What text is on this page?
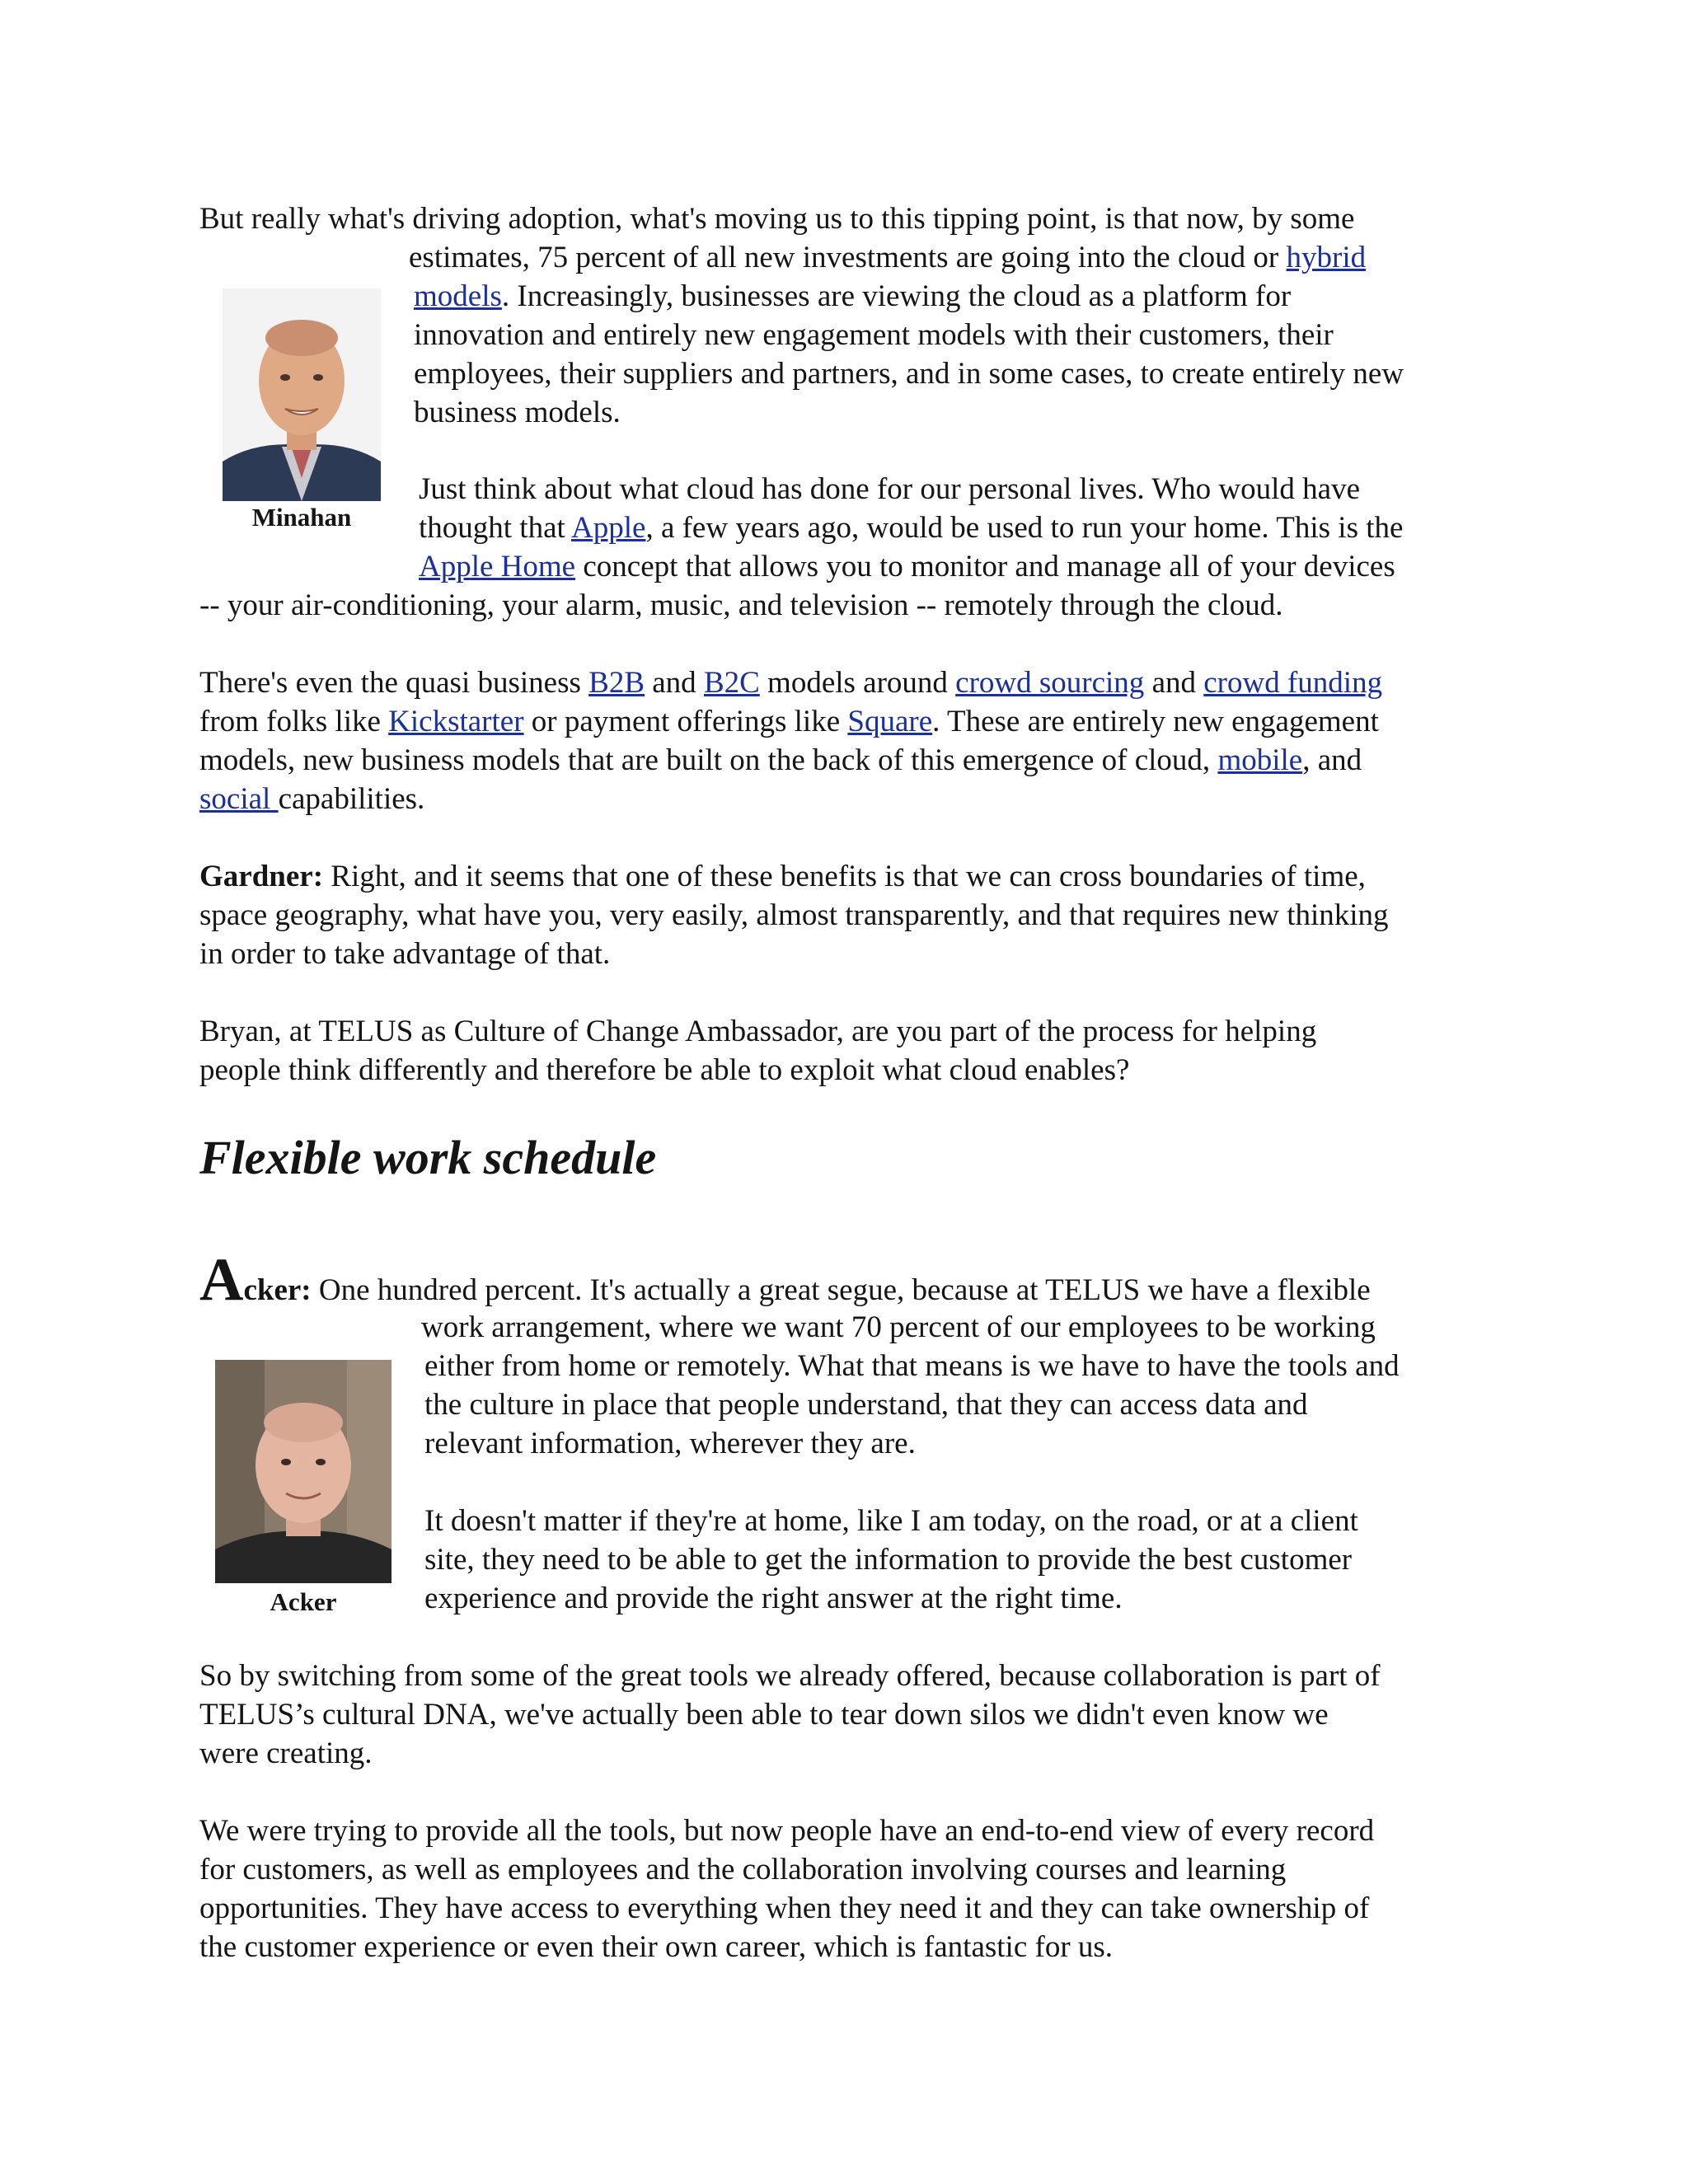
But really what's driving adoption, what's moving us to this tipping point, is that now, by some

estimates, 75 percent of all new investments are going into the cloud or hybrid

models. Increasingly, businesses are viewing the cloud as a platform for

innovation and entirely new engagement models with their customers, their

employees, their suppliers and partners, and in some cases, to create entirely new

business models.

Minahan

Just think about what cloud has done for our personal lives. Who would have

thought that Apple, a few years ago, would be used to run your home. This is the

Apple Home concept that allows you to monitor and manage all of your devices

-- your air-conditioning, your alarm, music, and television -- remotely through the cloud.

There's even the quasi business B2B and B2C models around crowd sourcing and crowd funding

from folks like Kickstarter or payment offerings like Square. These are entirely new engagement

models, new business models that are built on the back of this emergence of cloud, mobile, and

social capabilities.

Gardner: Right, and it seems that one of these benefits is that we can cross boundaries of time,

space geography, what have you, very easily, almost transparently, and that requires new thinking

in order to take advantage of that.

Bryan, at TELUS as Culture of Change Ambassador, are you part of the process for helping

people think differently and therefore be able to exploit what cloud enables?

Flexible work schedule

Acker: One hundred percent. It's actually a great segue, because at TELUS we have a flexible

work arrangement, where we want 70 percent of our employees to be working

either from home or remotely. What that means is we have to have the tools and

the culture in place that people understand, that they can access data and

relevant information, wherever they are.

Acker

It doesn't matter if they're at home, like I am today, on the road, or at a client

site, they need to be able to get the information to provide the best customer

experience and provide the right answer at the right time.

So by switching from some of the great tools we already offered, because collaboration is part of

TELUS’s cultural DNA, we've actually been able to tear down silos we didn't even know we

were creating.

We were trying to provide all the tools, but now people have an end-to-end view of every record

for customers, as well as employees and the collaboration involving courses and learning

opportunities. They have access to everything when they need it and they can take ownership of

the customer experience or even their own career, which is fantastic for us.
